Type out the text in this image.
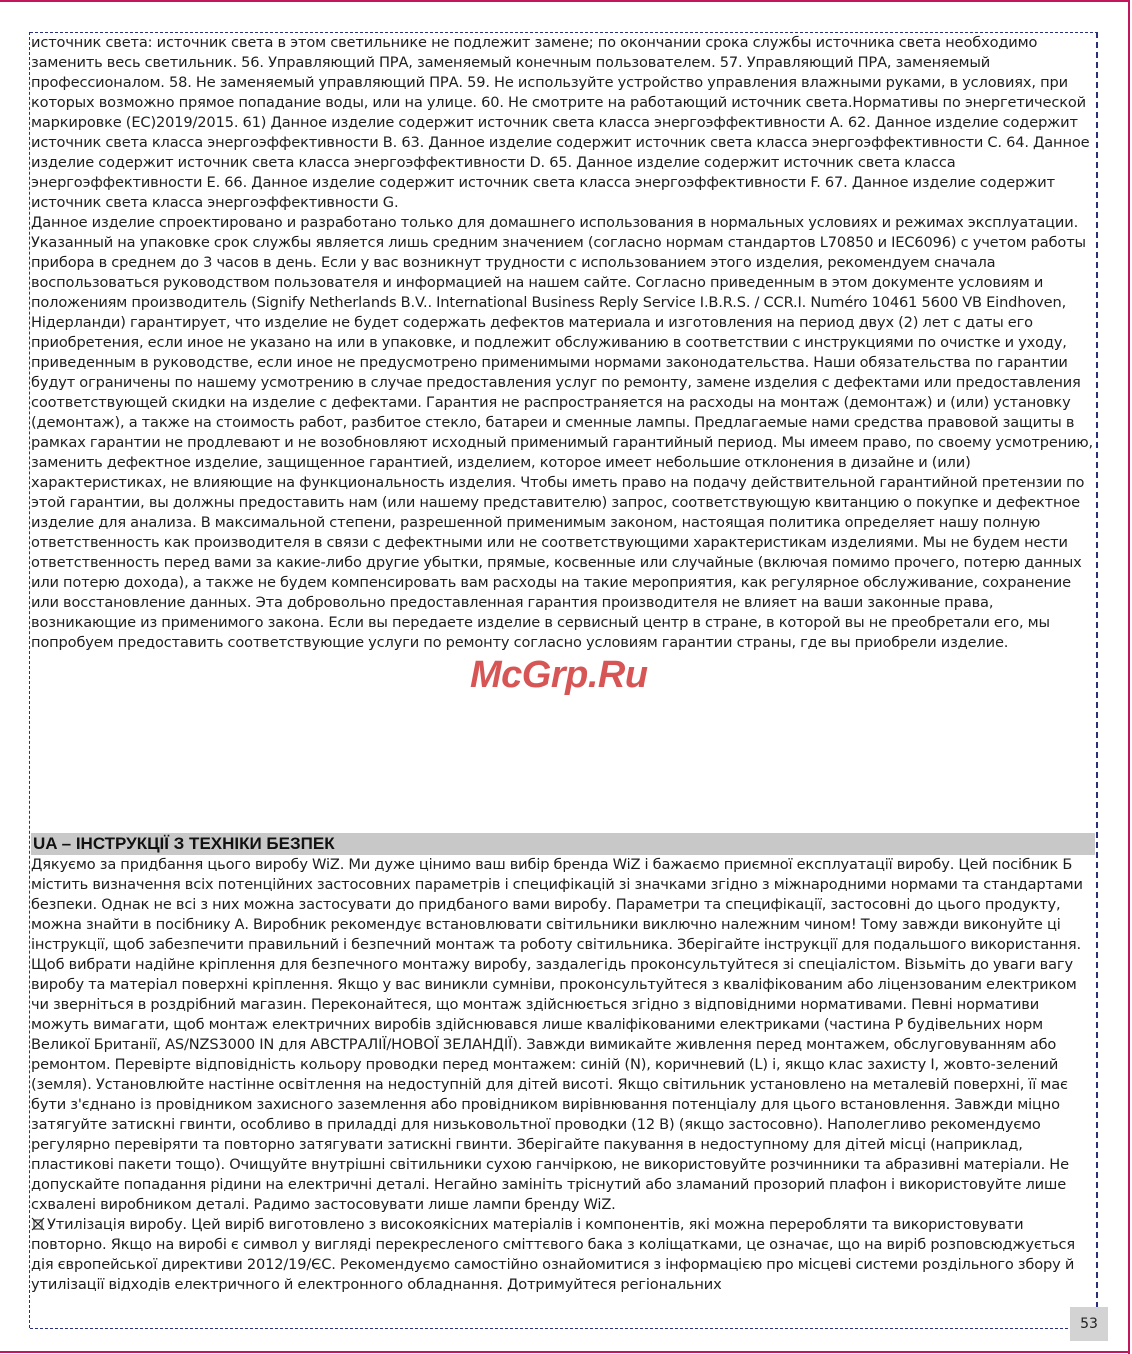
источник света: источник света в этом светильнике не подлежит замене; по окончании срока службы источника света необходимо заменить весь светильник. 56. Управляющий ПРА, заменяемый конечным пользователем. 57. Управляющий ПРА, заменяемый профессионалом. 58. Не заменяемый управляющий ПРА. 59. Не используйте устройство управления влажными руками, в условиях, при которых возможно прямое попадание воды, или на улице. 60. Не смотрите на работающий источник света.Нормативы по энергетической маркировке (EC)2019/2015. 61) Данное изделие содержит источник света класса энергоэффективности A. 62. Данное изделие содержит источник света класса энергоэффективности B. 63. Данное изделие содержит источник света класса энергоэффективности C. 64. Данное изделие содержит источник света класса энергоэффективности D. 65. Данное изделие содержит источник света класса энергоэффективности E. 66. Данное изделие содержит источник света класса энергоэффективности F. 67. Данное изделие содержит источник света класса энергоэффективности G.

Данное изделие спроектировано и разработано только для домашнего использования в нормальных условиях и режимах эксплуатации. Указанный на упаковке срок службы является лишь средним значением (согласно нормам стандартов L70850 и IEC6096) с учетом работы прибора в среднем до 3 часов в день. Если у вас возникнут трудности с использованием этого изделия, рекомендуем сначала воспользоваться руководством пользователя и информацией на нашем сайте. Согласно приведенным в этом документе условиям и положениям производитель (Signify Netherlands B.V.. International Business Reply Service I.B.R.S. / CCR.I. Numéro 10461 5600 VB Eindhoven, Нідерланди) гарантирует, что изделие не будет содержать дефектов материала и изготовления на период двух (2) лет с даты его приобретения, если иное не указано на или в упаковке, и подлежит обслуживанию в соответствии с инструкциями по очистке и уходу, приведенным в руководстве, если иное не предусмотрено применимыми нормами законодательства. Наши обязательства по гарантии будут ограничены по нашему усмотрению в случае предоставления услуг по ремонту, замене изделия с дефектами или предоставления соответствующей скидки на изделие с дефектами. Гарантия не распространяется на расходы на монтаж (демонтаж) и (или) установку (демонтаж), а также на стоимость работ, разбитое стекло, батареи и сменные лампы. Предлагаемые нами средства правовой защиты в рамках гарантии не продлевают и не возобновляют исходный применимый гарантийный период. Мы имеем право, по своему усмотрению, заменить дефектное изделие, защищенное гарантией, изделием, которое имеет небольшие отклонения в дизайне и (или) характеристиках, не влияющие на функциональность изделия. Чтобы иметь право на подачу действительной гарантийной претензии по этой гарантии, вы должны предоставить нам (или нашему представителю) запрос, соответствующую квитанцию о покупке и дефектное изделие для анализа. В максимальной степени, разрешенной применимым законом, настоящая политика определяет нашу полную ответственность как производителя в связи с дефектными или не соответствующими характеристикам изделиями. Мы не будем нести ответственность перед вами за какие-либо другие убытки, прямые, косвенные или случайные (включая помимо прочего, потерю данных или потерю дохода), а также не будем компенсировать вам расходы на такие мероприятия, как регулярное обслуживание, сохранение или восстановление данных. Эта добровольно предоставленная гарантия производителя не влияет на ваши законные права, возникающие из применимого закона. Если вы передаете изделие в сервисный центр в стране, в которой вы не преобретали его, мы попробуем предоставить соответствующие услуги по ремонту согласно условиям гарантии страны, где вы приобрели изделие.

UA – ІНСТРУКЦІЇ З ТЕХНІКИ БЕЗПЕК

Дякуємо за придбання цього виробу WiZ. Ми дуже цінимо ваш вибір бренда WiZ і бажаємо приємної експлуатації виробу. Цей посібник Б містить визначення всіх потенційних застосовних параметрів і специфікацій зі значками згідно з міжнародними нормами та стандартами безпеки. Однак не всі з них можна застосувати до придбаного вами виробу. Параметри та специфікації, застосовні до цього продукту, можна знайти в посібнику А. Виробник рекомендує встановлювати світильники виключно належним чином! Тому завжди виконуйте ці інструкції, щоб забезпечити правильний і безпечний монтаж та роботу світильника. Зберігайте інструкції для подальшого використання. Щоб вибрати надійне кріплення для безпечного монтажу виробу, заздалегідь проконсультуйтеся зі спеціалістом. Візьміть до уваги вагу виробу та матеріал поверхні кріплення. Якщо у вас виникли сумніви, проконсультуйтеся з кваліфікованим або ліцензованим електриком чи зверніться в роздрібний магазин. Переконайтеся, що монтаж здійснюється згідно з відповідними нормативами. Певні нормативи можуть вимагати, щоб монтаж електричних виробів здійснювався лише кваліфікованими електриками (частина P будівельних норм Великої Британії, AS/NZS3000 IN для АВСТРАЛІЇ/НОВОЇ ЗЕЛАНДІЇ). Завжди вимикайте живлення перед монтажем, обслуговуванням або ремонтом. Перевірте відповідність кольору проводки перед монтажем: синій (N), коричневий (L) і, якщо клас захисту I, жовто-зелений (земля). Установлюйте настінне освітлення на недоступній для дітей висоті. Якщо світильник установлено на металевій поверхні, її має бути з'єднано із провідником захисного заземлення або провідником вирівнювання потенціалу для цього встановлення. Завжди міцно затягуйте затискні гвинти, особливо в приладді для низьковольтної проводки (12 В) (якщо застосовно). Наполегливо рекомендуємо регулярно перевіряти та повторно затягувати затискні гвинти. Зберігайте пакування в недоступному для дітей місці (наприклад, пластикові пакети тощо). Очищуйте внутрішні світильники сухою ганчіркою, не використовуйте розчинники та абразивні матеріали. Не допускайте попадання рідини на електричні деталі. Негайно замініть тріснутий або зламаний прозорий плафон і використовуйте лише схвалені виробником деталі. Радимо застосовувати лише лампи бренду WiZ.

Утилізація виробу. Цей виріб виготовлено з високоякісних матеріалів і компонентів, які можна переробляти та використовувати повторно. Якщо на виробі є символ у вигляді перекресленого сміттєвого бака з коліщатками, це означає, що на виріб розповсюджується дія європейської директиви 2012/19/ЄС. Рекомендуємо самостійно ознайомитися з інформацією про місцеві системи роздільного збору й утилізації відходів електричного й електронного обладнання. Дотримуйтеся регіональних

McGrp.Ru
53
